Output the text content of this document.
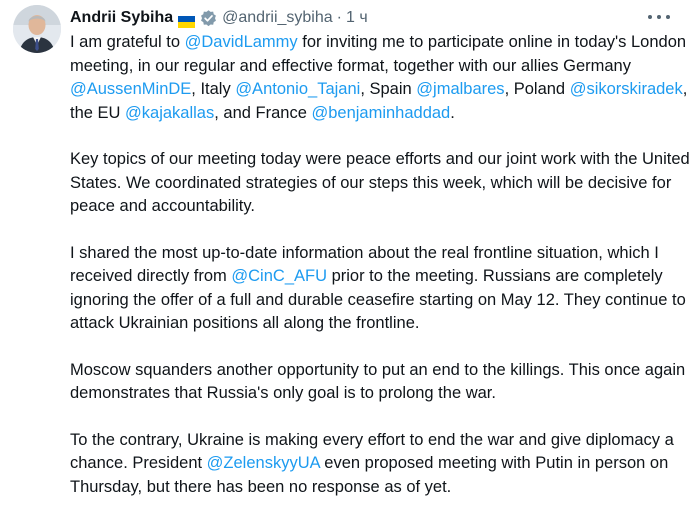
Andrii Sybiha	@andrii_sybiha · 1 ч

I am grateful to @DavidLammy for inviting me to participate online in today's London meeting, in our regular and effective format, together with our allies Germany @AussenMinDE, Italy @Antonio_Tajani, Spain @jmalbares, Poland @sikorskiradek, the EU @kajakallas, and France @benjaminhaddad.

Key topics of our meeting today were peace efforts and our joint work with the United States. We coordinated strategies of our steps this week, which will be decisive for peace and accountability.

I shared the most up-to-date information about the real frontline situation, which I received directly from @CinC_AFU prior to the meeting. Russians are completely ignoring the offer of a full and durable ceasefire starting on May 12. They continue to attack Ukrainian positions all along the frontline.

Moscow squanders another opportunity to put an end to the killings. This once again demonstrates that Russia's only goal is to prolong the war.

To the contrary, Ukraine is making every effort to end the war and give diplomacy a chance. President @ZelenskyyUA even proposed meeting with Putin in person on Thursday, but there has been no response as of yet.
